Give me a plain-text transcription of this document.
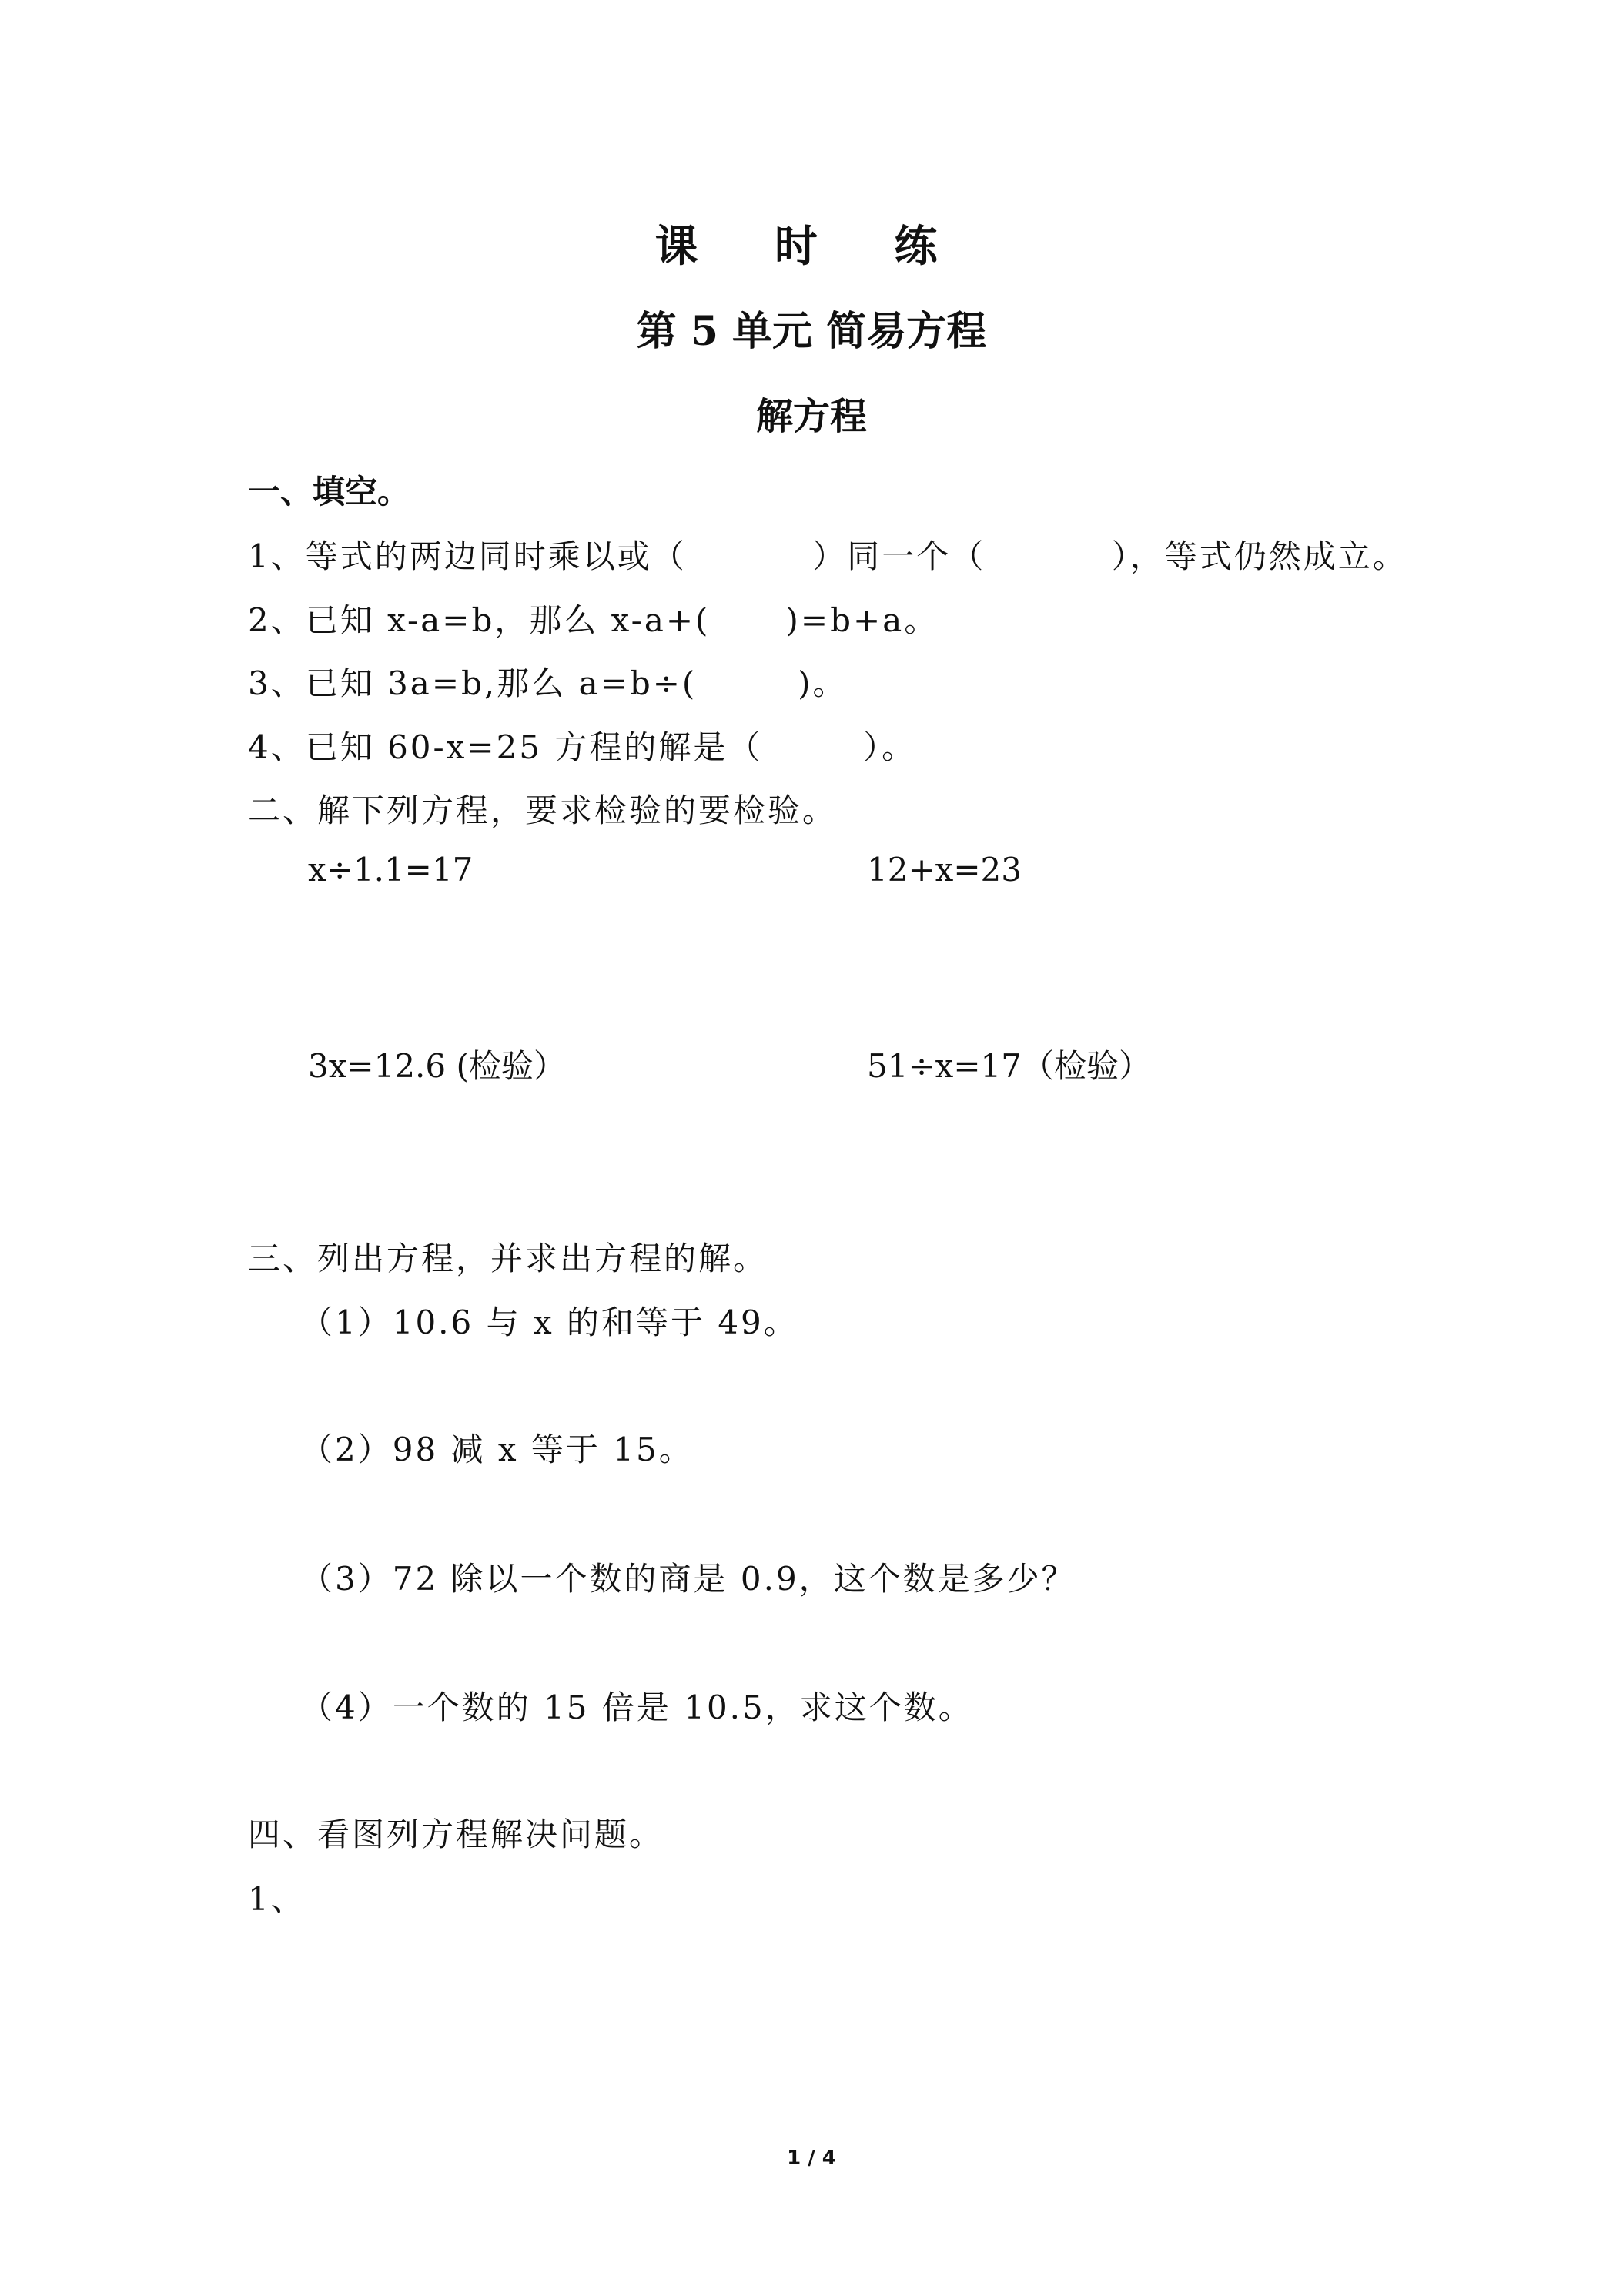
课 时 练
第 5 单元 简易方程
解方程
一、填空。
1、等式的两边同时乘以或（          ）同一个（          ），等式仍然成立。
2、已知 x-a=b，那么 x-a+(      )=b+a。
3、已知 3a=b,那么 a=b÷(        )。
4、已知 60-x=25 方程的解是（        ）。
二、解下列方程，要求检验的要检验。
x÷1.1=17	12+x=23
3x=12.6 (检验）	51÷x=17（检验）
三、列出方程，并求出方程的解。
（1）10.6 与 x 的和等于 49。
（2）98 减 x 等于 15。
（3）72 除以一个数的商是 0.9，这个数是多少？
（4）一个数的 15 倍是 10.5，求这个数。
四、看图列方程解决问题。
1、
1 / 4
